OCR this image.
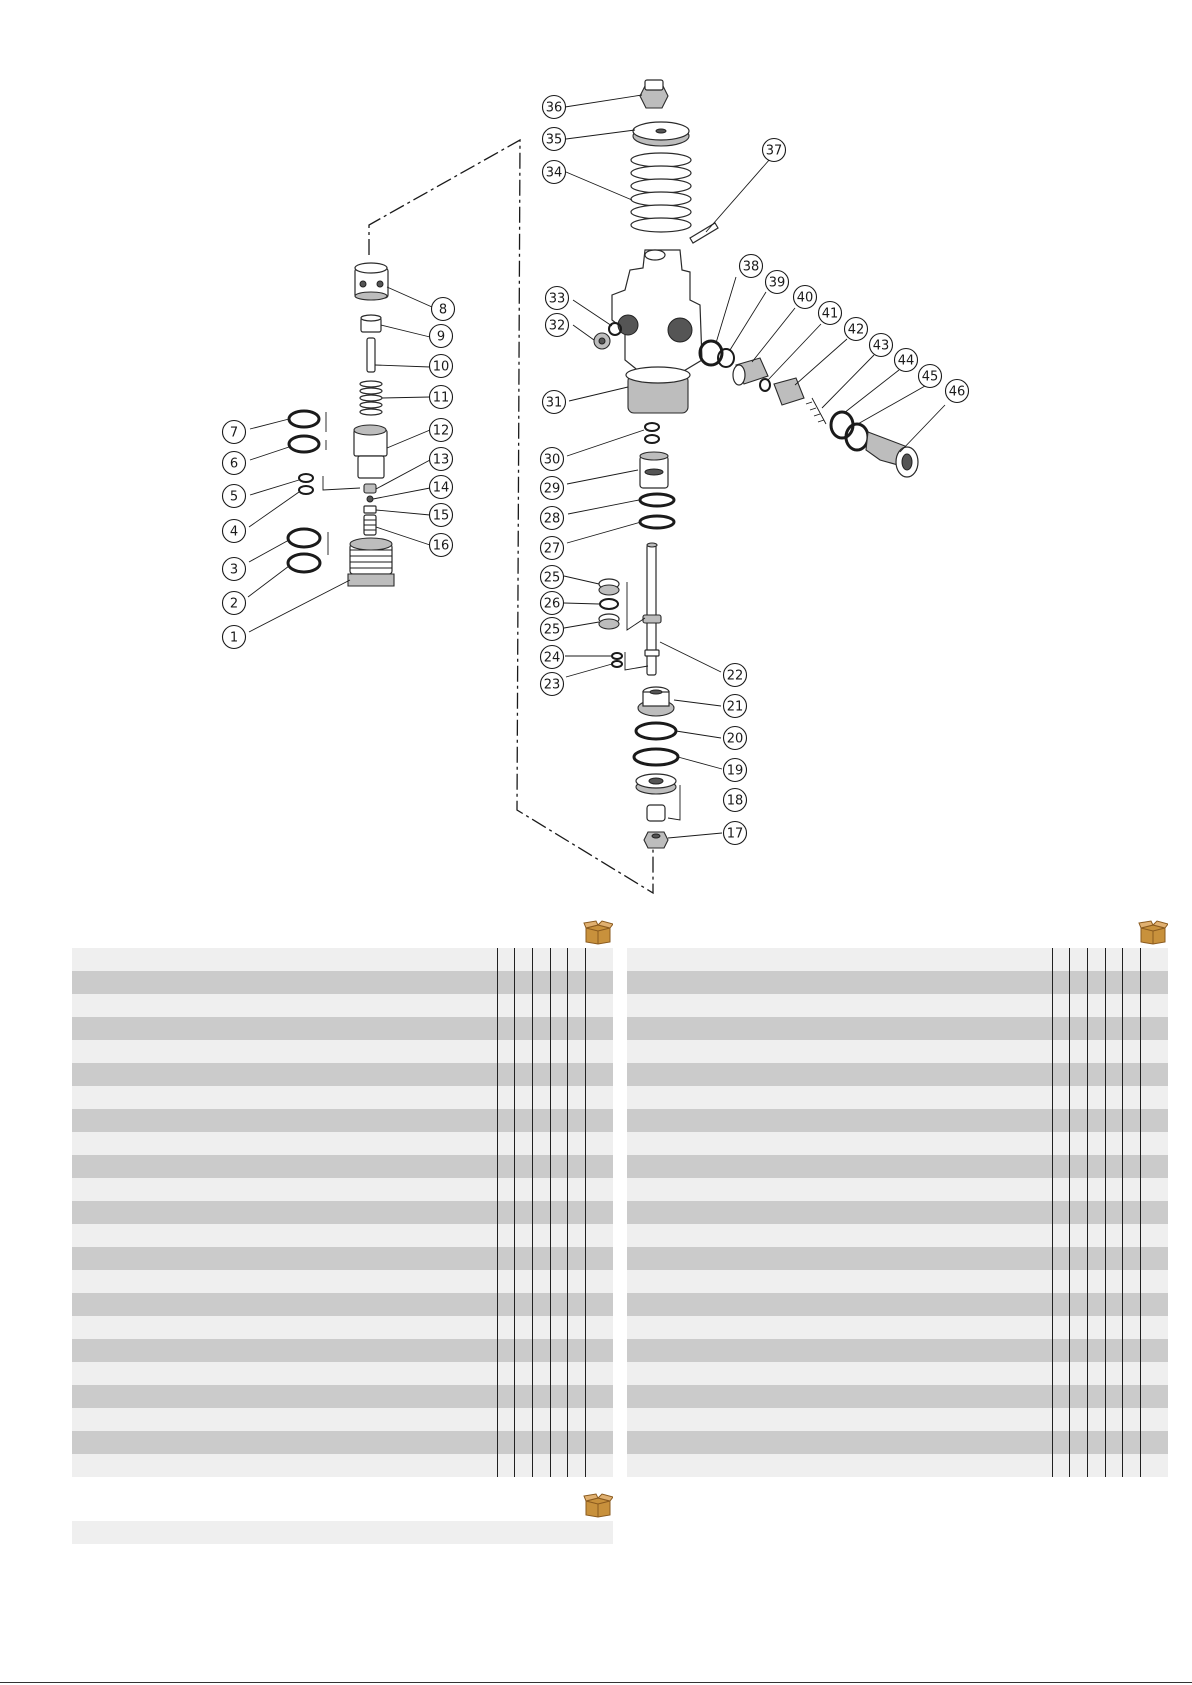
1
2
3
4
5
6
7
8
9
10
11
12
13
14
15
16
17
18
19
20
21
22
23
24
25
26
25
27
28
29
30
31
32
33
34
35
36
37
38
39
40
41
42
43
44
45
46
